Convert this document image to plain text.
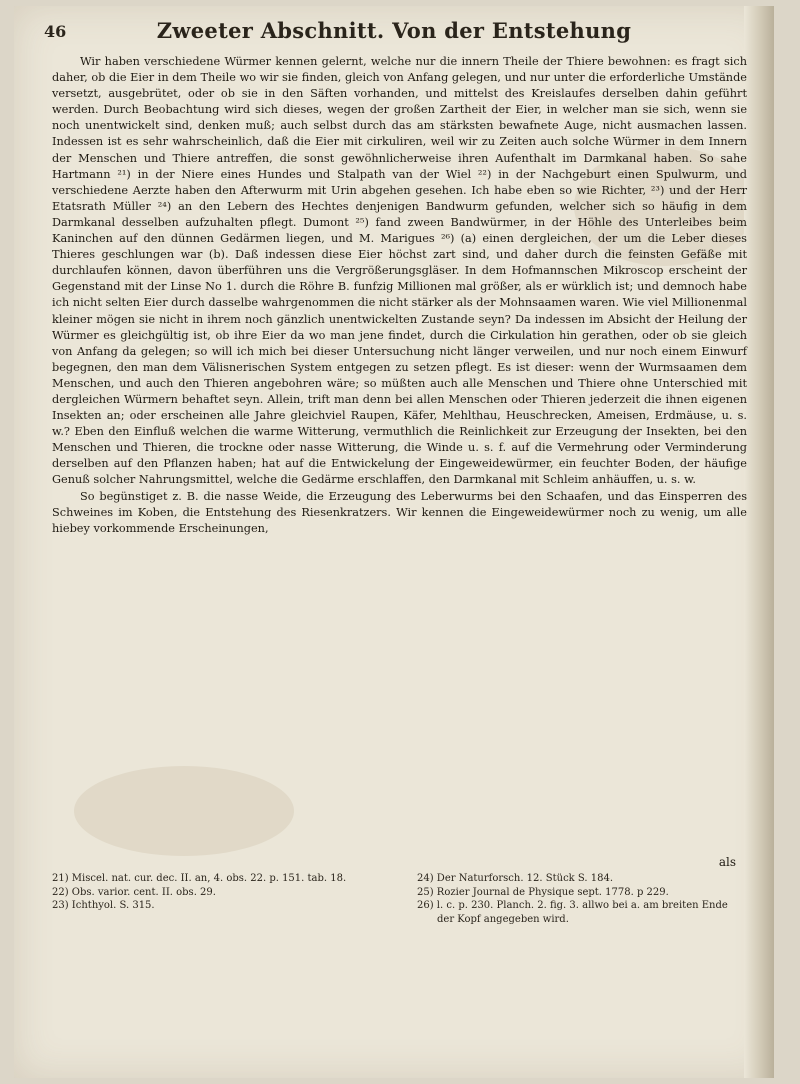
46	Zweeter Abschnitt. Von der Entstehung

Wir haben verschiedene Würmer kennen gelernt, welche nur die innern Theile der Thiere bewohnen: es fragt sich daher, ob die Eier in dem Theile wo wir sie finden, gleich von Anfang gelegen, und nur unter die erforderliche Umstände versetzt, ausgebrütet, oder ob sie in den Säften vorhanden, und mittelst des Kreislaufes derselben dahin geführt werden. Durch Beobachtung wird sich dieses, wegen der großen Zartheit der Eier, in welcher man sie sich, wenn sie noch unentwickelt sind, denken muß; auch selbst durch das am stärksten bewafnete Auge, nicht ausmachen lassen. Indessen ist es sehr wahrscheinlich, daß die Eier mit cirkuliren, weil wir zu Zeiten auch solche Würmer in dem Innern der Menschen und Thiere antreffen, die sonst gewöhnlicherweise ihren Aufenthalt im Darmkanal haben. So sahe Hartmann ²¹) in der Niere eines Hundes und Stalpath van der Wiel ²²) in der Nachgeburt einen Spulwurm, und verschiedene Aerzte haben den Afterwurm mit Urin abgehen gesehen. Ich habe eben so wie Richter, ²³) und der Herr Etatsrath Müller ²⁴) an den Lebern des Hechtes denjenigen Bandwurm gefunden, welcher sich so häufig in dem Darmkanal desselben aufzuhalten pflegt. Dumont ²⁵) fand zween Bandwürmer, in der Höhle des Unterleibes beim Kaninchen auf den dünnen Gedärmen liegen, und M. Marigues ²⁶) (a) einen dergleichen, der um die Leber dieses Thieres geschlungen war (b). Daß indessen diese Eier höchst zart sind, und daher durch die feinsten Gefäße mit durchlaufen können, davon überführen uns die Vergrößerungsgläser. In dem Hofmannschen Mikroscop erscheint der Gegenstand mit der Linse No 1. durch die Röhre B. funfzig Millionen mal größer, als er würklich ist; und demnoch habe ich nicht selten Eier durch dasselbe wahrgenommen die nicht stärker als der Mohnsaamen waren. Wie viel Millionenmal kleiner mögen sie nicht in ihrem noch gänzlich unentwickelten Zustande seyn? Da indessen im Absicht der Heilung der Würmer es gleichgültig ist, ob ihre Eier da wo man jene findet, durch die Cirkulation hin gerathen, oder ob sie gleich von Anfang da gelegen; so will ich mich bei dieser Untersuchung nicht länger verweilen, und nur noch einem Einwurf begegnen, den man dem Välisnerischen System entgegen zu setzen pflegt. Es ist dieser: wenn der Wurmsaamen dem Menschen, und auch den Thieren angebohren wäre; so müßten auch alle Menschen und Thiere ohne Unterschied mit dergleichen Würmern behaftet seyn. Allein, trift man denn bei allen Menschen oder Thieren jederzeit die ihnen eigenen Insekten an; oder erscheinen alle Jahre gleichviel Raupen, Käfer, Mehlthau, Heuschrecken, Ameisen, Erdmäuse, u. s. w.? Eben den Einfluß welchen die warme Witterung, vermuthlich die Reinlichkeit zur Erzeugung der Insekten, bei den Menschen und Thieren, die trockne oder nasse Witterung, die Winde u. s. f. auf die Vermehrung oder Verminderung derselben auf den Pflanzen haben; hat auf die Entwickelung der Eingeweidewürmer, ein feuchter Boden, der häufige Genuß solcher Nahrungsmittel, welche die Gedärme erschlaffen, den Darmkanal mit Schleim anhäuffen, u. s. w.

So begünstiget z. B. die nasse Weide, die Erzeugung des Leberwurms bei den Schaafen, und das Einsperren des Schweines im Koben, die Entstehung des Riesenkratzers. Wir kennen die Eingeweidewürmer noch zu wenig, um alle hiebey vorkommende Erscheinungen,

als

21) Miscel. nat. cur. dec. II. an, 4. obs. 22. p. 151. tab. 18.

22) Obs. varior. cent. II. obs. 29.

23) Ichthyol. S. 315.

24) Der Naturforsch. 12. Stück S. 184.

25) Rozier Journal de Physique sept. 1778. p 229.

26) l. c. p. 230. Planch. 2. fig. 3. allwo bei a. am breiten Ende der Kopf angegeben wird.
